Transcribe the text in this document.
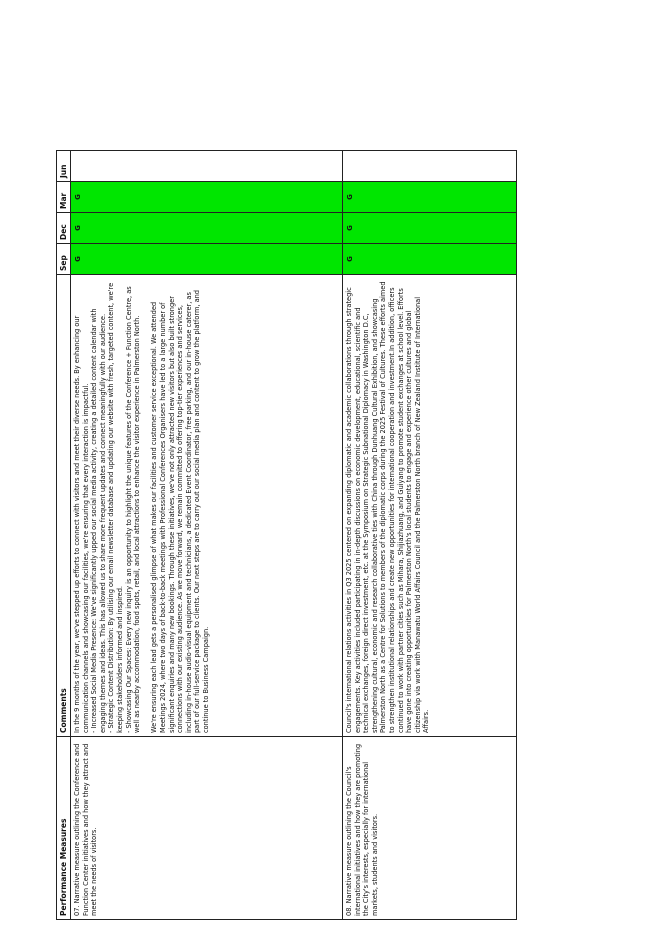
Performance Measures	Comments	Sep	Dec	Mar	Jun
07. Narrative measure outlining the Conference and Function Center initiatives and how they attract and meet the needs of visitors.	In the 9 months of the year, we've stepped up efforts to connect with visitors and meet their diverse needs. By enhancing our communication channels and showcasing our facilities, we're ensuring that every interaction is impactful. - Increased Social Media Presence: We've significantly upped our social media activity, creating a detailed content calendar with engaging themes and ideas. This has allowed us to share more frequent updates and connect meaningfully with our audience. - Strategic Content Distribution: By utilising our email newsletter database and updating our website with fresh, targeted content, we're keeping stakeholders informed and inspired. - Showcasing Our Spaces: Every new inquiry is an opportunity to highlight the unique features of the Conference + Function Centre, as well as nearby accommodation, food spots, retail, and local attractions to enhance the visitor experience in Palmerston North. We're ensuring each lead gets a personalised glimpse of what makes our facilities and customer service exceptional. We attended Meetings 2024, where two days of back-to-back meetings with Professional Conferences Organisers have led to a large number of significant enquiries and many new bookings. Through these initiatives, we've not only attracted new visitors but also built stronger connections with our existing audience. As we move forward, we remain committed to offering top-tier experiences and services, including in-house audio-visual equipment and technicians, a dedicated Event Coordinator, free parking, and our in-house caterer, as part of our full-service package to clients. Our next steps are to carry out our social media plan and content to grow the platform, and continue to Business Campaign.	G	G	G	
08. Narrative measure outlining the Council's international initiatives and how they are promoting the City's interests, especially for international markets, students and visitors.	Council's international relations activities in Q3 2025 centered on expanding diplomatic and academic collaborations through strategic engagements. Key activities included participating in in-depth discussions on economic development, educational, scientific and technical exchanges, foreign direct investment, etc. at the Symposium on Strategic Subnational Diplomacy in Washington D.C, strengthening cultural, economic and research collaborative ties with China through Dunhuang Cultural Exhibition, and showcasing Palmerston North as a Centre for Solutions to members of the diplomatic corps during the 2025 Festival of Cultures. These efforts aimed to strengthen institutional relationships and create new opportunities for international cooperation and investment.In addition, officers continued to work with partner cities such as Mihara, Shijiazhuang, and Guiyang to promote student exchanges at school level. Efforts have gone into creating opportunities for Palmerston North's local students to engage and experience other cultures and global citizenship via work with Manawatu World Affairs Council and the Palmerston North branch of New Zealand Institute of International Affairs.	G	G	G	
